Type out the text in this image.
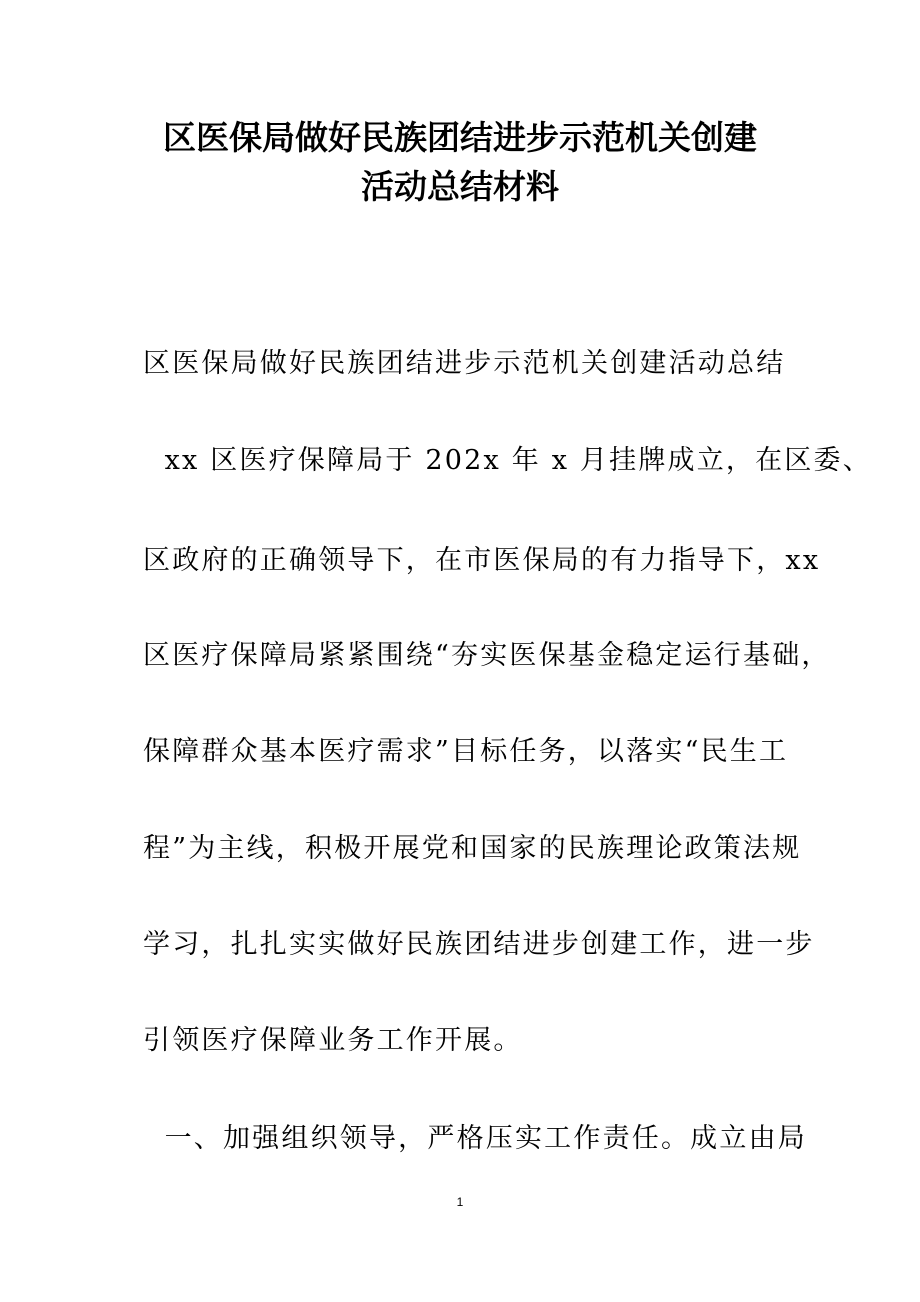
区医保局做好民族团结进步示范机关创建
活动总结材料
区医保局做好民族团结进步示范机关创建活动总结
xx 区医疗保障局于 202x 年 x 月挂牌成立，在区委、
区政府的正确领导下，在市医保局的有力指导下，xx
区医疗保障局紧紧围绕“夯实医保基金稳定运行基础，
保障群众基本医疗需求”目标任务，以落实“民生工
程”为主线，积极开展党和国家的民族理论政策法规
学习，扎扎实实做好民族团结进步创建工作，进一步
引领医疗保障业务工作开展。
一、加强组织领导，严格压实工作责任。成立由局
1
